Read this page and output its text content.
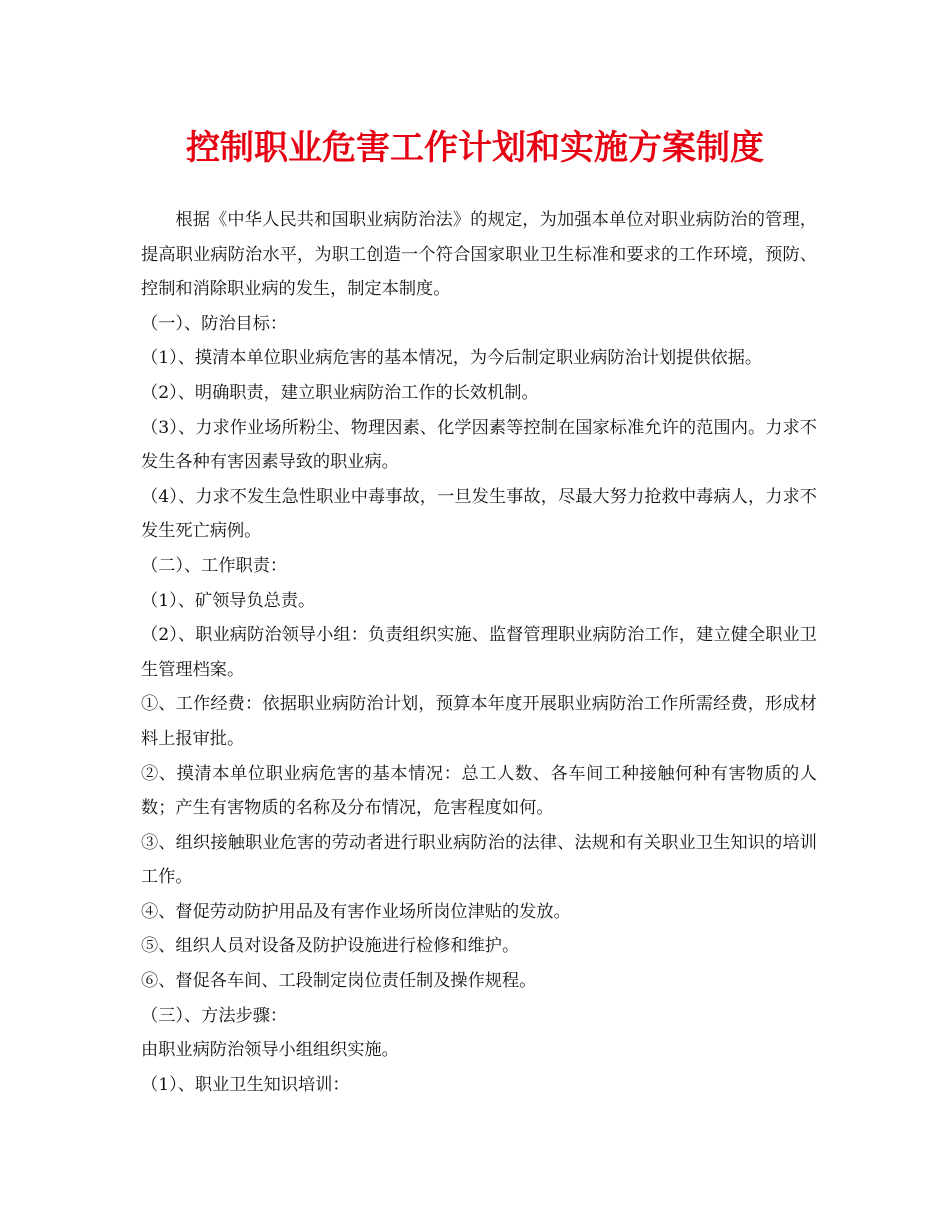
控制职业危害工作计划和实施方案制度

根据《中华人民共和国职业病防治法》的规定，为加强本单位对职业病防治的管理，提高职业病防治水平，为职工创造一个符合国家职业卫生标准和要求的工作环境，预防、控制和消除职业病的发生，制定本制度。

（一）、防治目标：

（1）、摸清本单位职业病危害的基本情况，为今后制定职业病防治计划提供依据。

（2）、明确职责，建立职业病防治工作的长效机制。

（3）、力求作业场所粉尘、物理因素、化学因素等控制在国家标准允许的范围内。力求不发生各种有害因素导致的职业病。

（4）、力求不发生急性职业中毒事故，一旦发生事故，尽最大努力抢救中毒病人，力求不发生死亡病例。

（二）、工作职责：

（1）、矿领导负总责。

（2）、职业病防治领导小组：负责组织实施、监督管理职业病防治工作，建立健全职业卫生管理档案。

①、工作经费：依据职业病防治计划，预算本年度开展职业病防治工作所需经费，形成材料上报审批。

②、摸清本单位职业病危害的基本情况：总工人数、各车间工种接触何种有害物质的人数；产生有害物质的名称及分布情况，危害程度如何。

③、组织接触职业危害的劳动者进行职业病防治的法律、法规和有关职业卫生知识的培训工作。

④、督促劳动防护用品及有害作业场所岗位津贴的发放。

⑤、组织人员对设备及防护设施进行检修和维护。

⑥、督促各车间、工段制定岗位责任制及操作规程。

（三）、方法步骤：

由职业病防治领导小组组织实施。

（1）、职业卫生知识培训：
